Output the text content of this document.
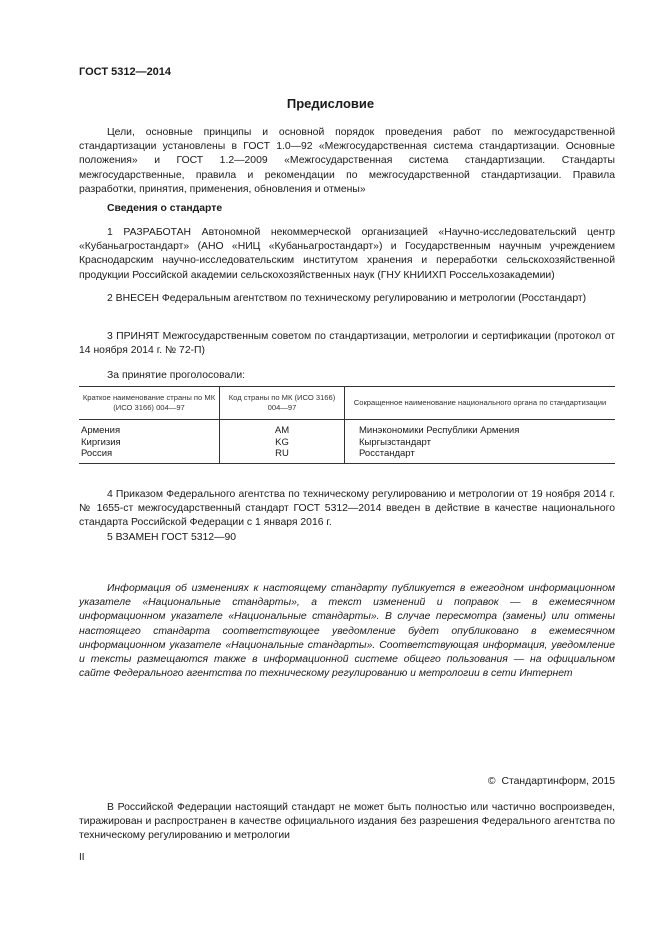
ГОСТ 5312—2014
Предисловие
Цели, основные принципы и основной порядок проведения работ по межгосударственной стандартизации установлены в ГОСТ 1.0—92 «Межгосударственная система стандартизации. Основные положения» и ГОСТ 1.2—2009 «Межгосударственная система стандартизации. Стандарты межгосударственные, правила и рекомендации по межгосударственной стандартизации. Правила разработки, принятия, применения, обновления и отмены»
Сведения о стандарте
1 РАЗРАБОТАН Автономной некоммерческой организацией «Научно-исследовательский центр «Кубаньагростандарт» (АНО «НИЦ «Кубаньагростандарт») и Государственным научным учреждением Краснодарским научно-исследовательским институтом хранения и переработки сельскохозяйственной продукции Российской академии сельскохозяйственных наук (ГНУ КНИИХП Россельхозакадемии)
2 ВНЕСЕН Федеральным агентством по техническому регулированию и метрологии (Росстандарт)
3 ПРИНЯТ Межгосударственным советом по стандартизации, метрологии и сертификации (протокол от 14 ноября 2014 г. № 72-П)
За принятие проголосовали:
Краткое наименование страны по МК (ИСО 3166) 004—97	Код страны по МК (ИСО 3166) 004—97	Сокращенное наименование национального органа по стандартизации
Армения	AM	Минэкономики Республики Армения
Киргизия	KG	Кыргызстандарт
Россия	RU	Росстандарт
4 Приказом Федерального агентства по техническому регулированию и метрологии от 19 ноября 2014 г. № 1655-ст межгосударственный стандарт ГОСТ 5312—2014 введен в действие в качестве национального стандарта Российской Федерации с 1 января 2016 г.
5 ВЗАМЕН ГОСТ 5312—90
Информация об изменениях к настоящему стандарту публикуется в ежегодном информационном указателе «Национальные стандарты», а текст изменений и поправок — в ежемесячном информационном указателе «Национальные стандарты». В случае пересмотра (замены) или отмены настоящего стандарта соответствующее уведомление будет опубликовано в ежемесячном информационном указателе «Национальные стандарты». Соответствующая информация, уведомление и тексты размещаются также в информационной системе общего пользования — на официальном сайте Федерального агентства по техническому регулированию и метрологии в сети Интернет
© Стандартинформ, 2015
В Российской Федерации настоящий стандарт не может быть полностью или частично воспроизведен, тиражирован и распространен в качестве официального издания без разрешения Федерального агентства по техническому регулированию и метрологии
II
